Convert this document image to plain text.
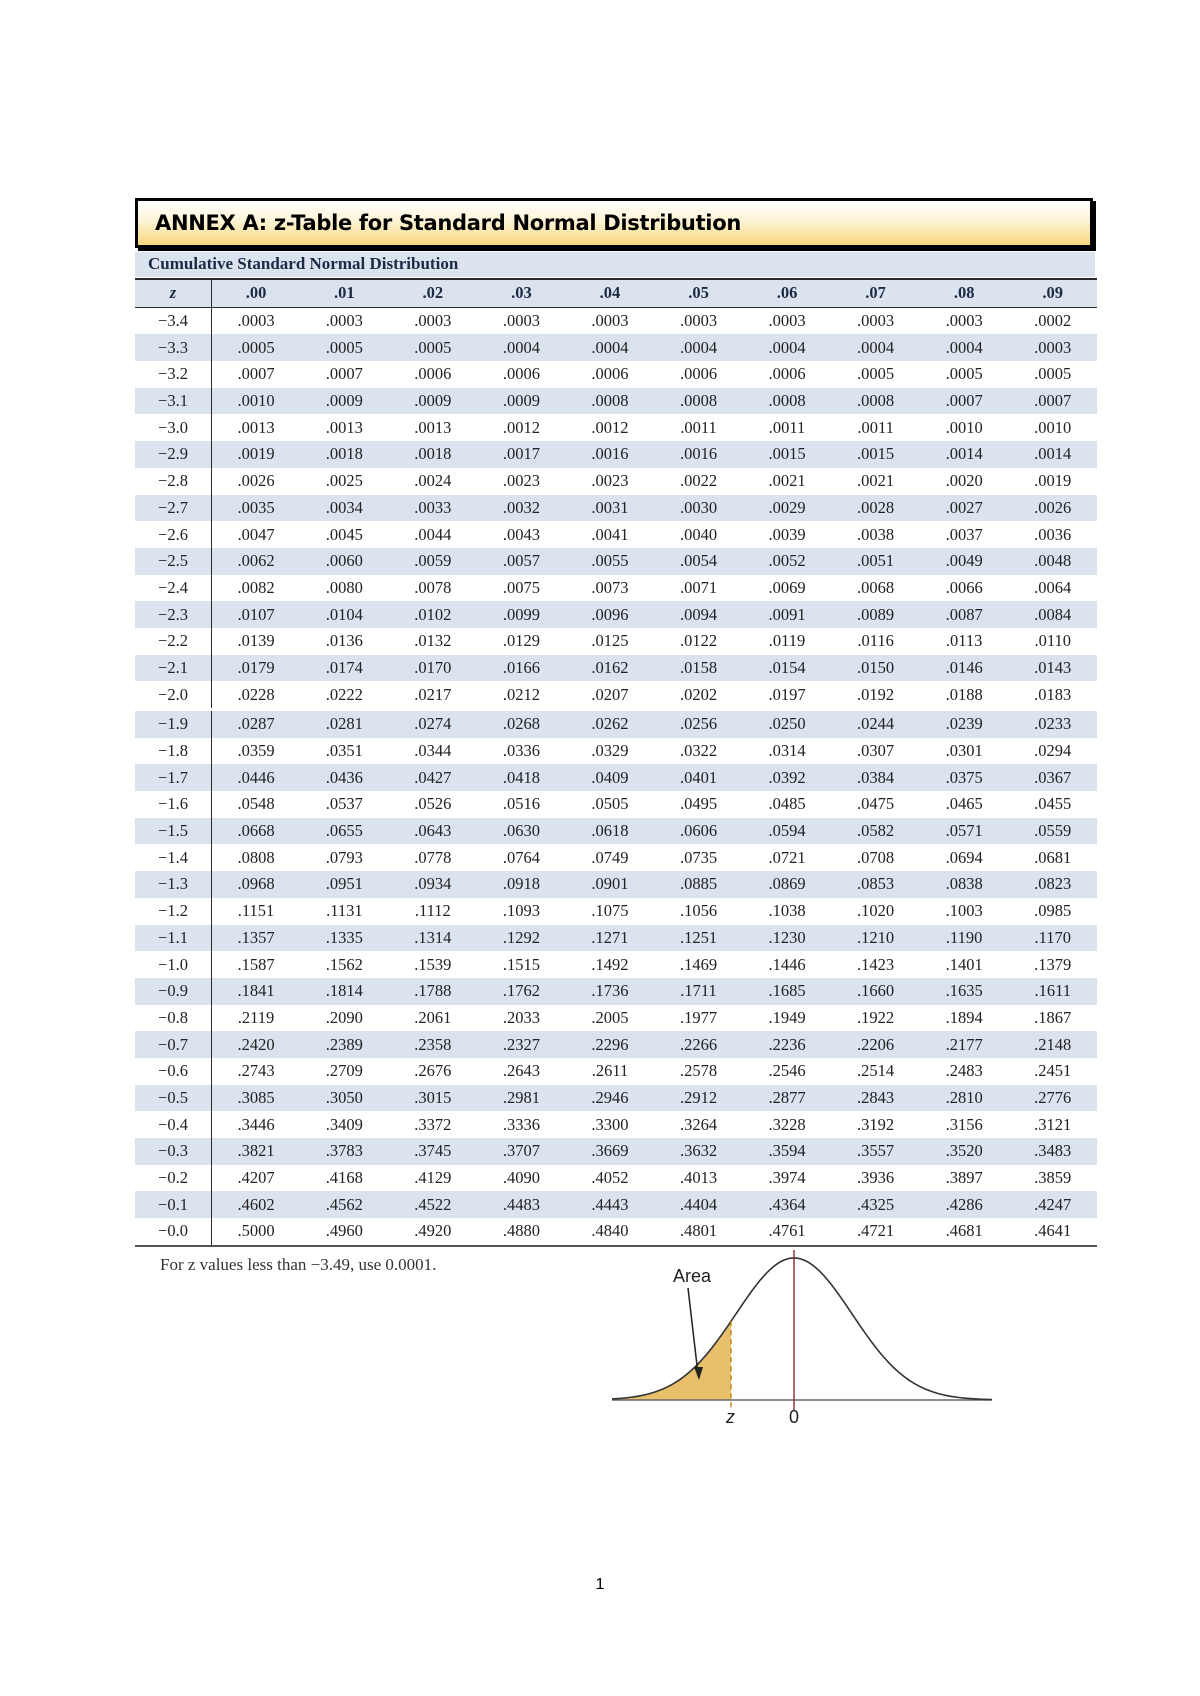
ANNEX A: z-Table for Standard Normal Distribution
Cumulative Standard Normal Distribution
z	.00	.01	.02	.03	.04	.05	.06	.07	.08	.09
−3.4	.0003	.0003	.0003	.0003	.0003	.0003	.0003	.0003	.0003	.0002
−3.3	.0005	.0005	.0005	.0004	.0004	.0004	.0004	.0004	.0004	.0003
−3.2	.0007	.0007	.0006	.0006	.0006	.0006	.0006	.0005	.0005	.0005
−3.1	.0010	.0009	.0009	.0009	.0008	.0008	.0008	.0008	.0007	.0007
−3.0	.0013	.0013	.0013	.0012	.0012	.0011	.0011	.0011	.0010	.0010
−2.9	.0019	.0018	.0018	.0017	.0016	.0016	.0015	.0015	.0014	.0014
−2.8	.0026	.0025	.0024	.0023	.0023	.0022	.0021	.0021	.0020	.0019
−2.7	.0035	.0034	.0033	.0032	.0031	.0030	.0029	.0028	.0027	.0026
−2.6	.0047	.0045	.0044	.0043	.0041	.0040	.0039	.0038	.0037	.0036
−2.5	.0062	.0060	.0059	.0057	.0055	.0054	.0052	.0051	.0049	.0048
−2.4	.0082	.0080	.0078	.0075	.0073	.0071	.0069	.0068	.0066	.0064
−2.3	.0107	.0104	.0102	.0099	.0096	.0094	.0091	.0089	.0087	.0084
−2.2	.0139	.0136	.0132	.0129	.0125	.0122	.0119	.0116	.0113	.0110
−2.1	.0179	.0174	.0170	.0166	.0162	.0158	.0154	.0150	.0146	.0143
−2.0	.0228	.0222	.0217	.0212	.0207	.0202	.0197	.0192	.0188	.0183
−1.9	.0287	.0281	.0274	.0268	.0262	.0256	.0250	.0244	.0239	.0233
−1.8	.0359	.0351	.0344	.0336	.0329	.0322	.0314	.0307	.0301	.0294
−1.7	.0446	.0436	.0427	.0418	.0409	.0401	.0392	.0384	.0375	.0367
−1.6	.0548	.0537	.0526	.0516	.0505	.0495	.0485	.0475	.0465	.0455
−1.5	.0668	.0655	.0643	.0630	.0618	.0606	.0594	.0582	.0571	.0559
−1.4	.0808	.0793	.0778	.0764	.0749	.0735	.0721	.0708	.0694	.0681
−1.3	.0968	.0951	.0934	.0918	.0901	.0885	.0869	.0853	.0838	.0823
−1.2	.1151	.1131	.1112	.1093	.1075	.1056	.1038	.1020	.1003	.0985
−1.1	.1357	.1335	.1314	.1292	.1271	.1251	.1230	.1210	.1190	.1170
−1.0	.1587	.1562	.1539	.1515	.1492	.1469	.1446	.1423	.1401	.1379
−0.9	.1841	.1814	.1788	.1762	.1736	.1711	.1685	.1660	.1635	.1611
−0.8	.2119	.2090	.2061	.2033	.2005	.1977	.1949	.1922	.1894	.1867
−0.7	.2420	.2389	.2358	.2327	.2296	.2266	.2236	.2206	.2177	.2148
−0.6	.2743	.2709	.2676	.2643	.2611	.2578	.2546	.2514	.2483	.2451
−0.5	.3085	.3050	.3015	.2981	.2946	.2912	.2877	.2843	.2810	.2776
−0.4	.3446	.3409	.3372	.3336	.3300	.3264	.3228	.3192	.3156	.3121
−0.3	.3821	.3783	.3745	.3707	.3669	.3632	.3594	.3557	.3520	.3483
−0.2	.4207	.4168	.4129	.4090	.4052	.4013	.3974	.3936	.3897	.3859
−0.1	.4602	.4562	.4522	.4483	.4443	.4404	.4364	.4325	.4286	.4247
−0.0	.5000	.4960	.4920	.4880	.4840	.4801	.4761	.4721	.4681	.4641
For z values less than −3.49, use 0.0001.
Area
z	0
1
